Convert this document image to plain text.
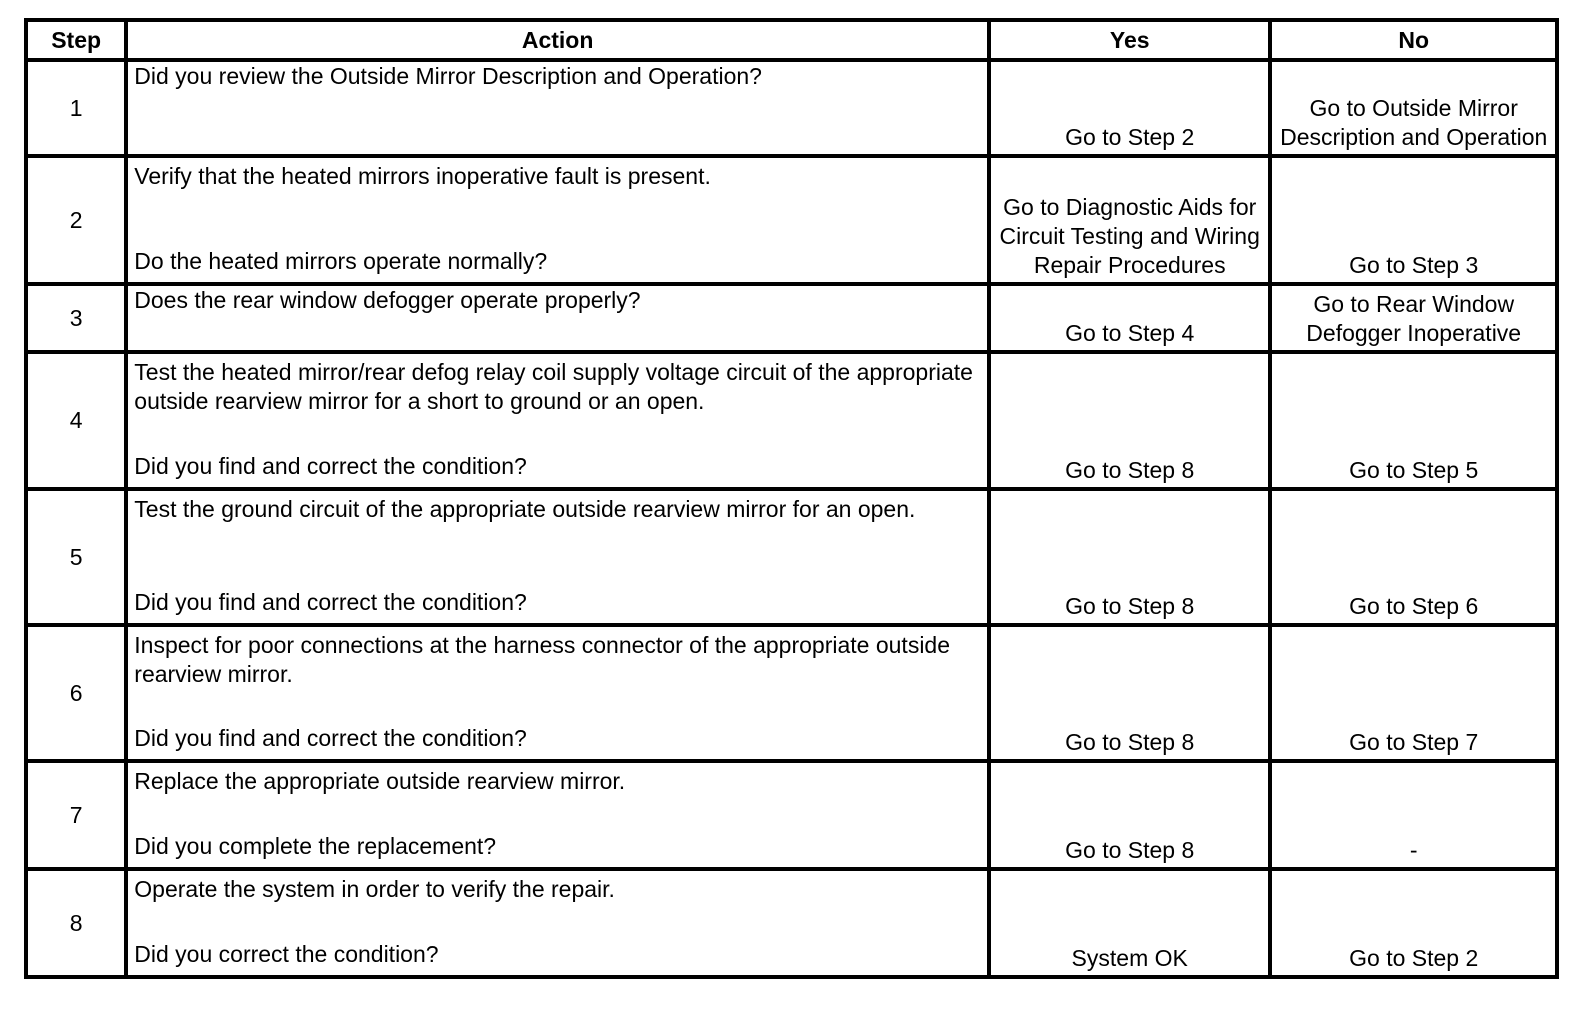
Step	Action	Yes	No
1	Did you review the Outside Mirror Description and Operation?	Go to Step 2	Go to Outside Mirror Description and Operation
2	Verify that the heated mirrors inoperative fault is present.
Do the heated mirrors operate normally?	Go to Diagnostic Aids for Circuit Testing and Wiring Repair Procedures	Go to Step 3
3	Does the rear window defogger operate properly?	Go to Step 4	Go to Rear Window Defogger Inoperative
4	Test the heated mirror/rear defog relay coil supply voltage circuit of the appropriate outside rearview mirror for a short to ground or an open.
Did you find and correct the condition?	Go to Step 8	Go to Step 5
5	Test the ground circuit of the appropriate outside rearview mirror for an open.
Did you find and correct the condition?	Go to Step 8	Go to Step 6
6	Inspect for poor connections at the harness connector of the appropriate outside rearview mirror.
Did you find and correct the condition?	Go to Step 8	Go to Step 7
7	Replace the appropriate outside rearview mirror.
Did you complete the replacement?	Go to Step 8	-
8	Operate the system in order to verify the repair.
Did you correct the condition?	System OK	Go to Step 2
